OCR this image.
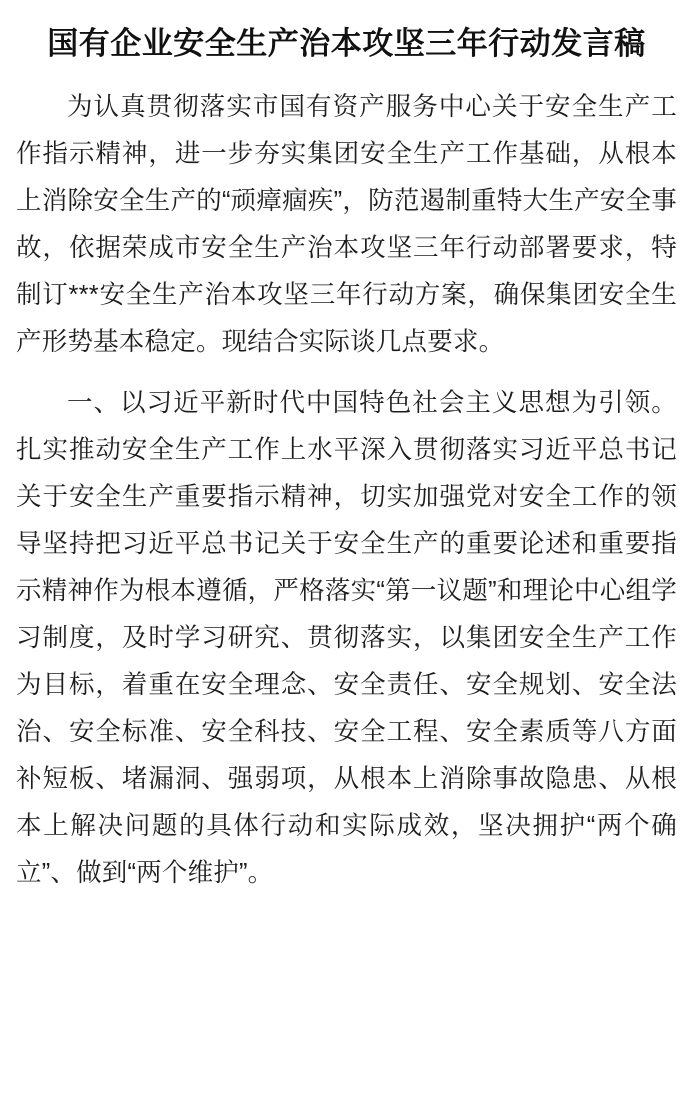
国有企业安全生产治本攻坚三年行动发言稿

为认真贯彻落实市国有资产服务中心关于安全生产工作指示精神，进一步夯实集团安全生产工作基础，从根本上消除安全生产的“顽瘴痼疾”，防范遏制重特大生产安全事故，依据荣成市安全生产治本攻坚三年行动部署要求，特制订***安全生产治本攻坚三年行动方案，确保集团安全生产形势基本稳定。现结合实际谈几点要求。

一、以习近平新时代中国特色社会主义思想为引领。扎实推动安全生产工作上水平深入贯彻落实习近平总书记关于安全生产重要指示精神，切实加强党对安全工作的领导坚持把习近平总书记关于安全生产的重要论述和重要指示精神作为根本遵循，严格落实“第一议题”和理论中心组学习制度，及时学习研究、贯彻落实，以集团安全生产工作为目标，着重在安全理念、安全责任、安全规划、安全法治、安全标准、安全科技、安全工程、安全素质等八方面补短板、堵漏洞、强弱项，从根本上消除事故隐患、从根本上解决问题的具体行动和实际成效，坚决拥护“两个确立”、做到“两个维护”。
